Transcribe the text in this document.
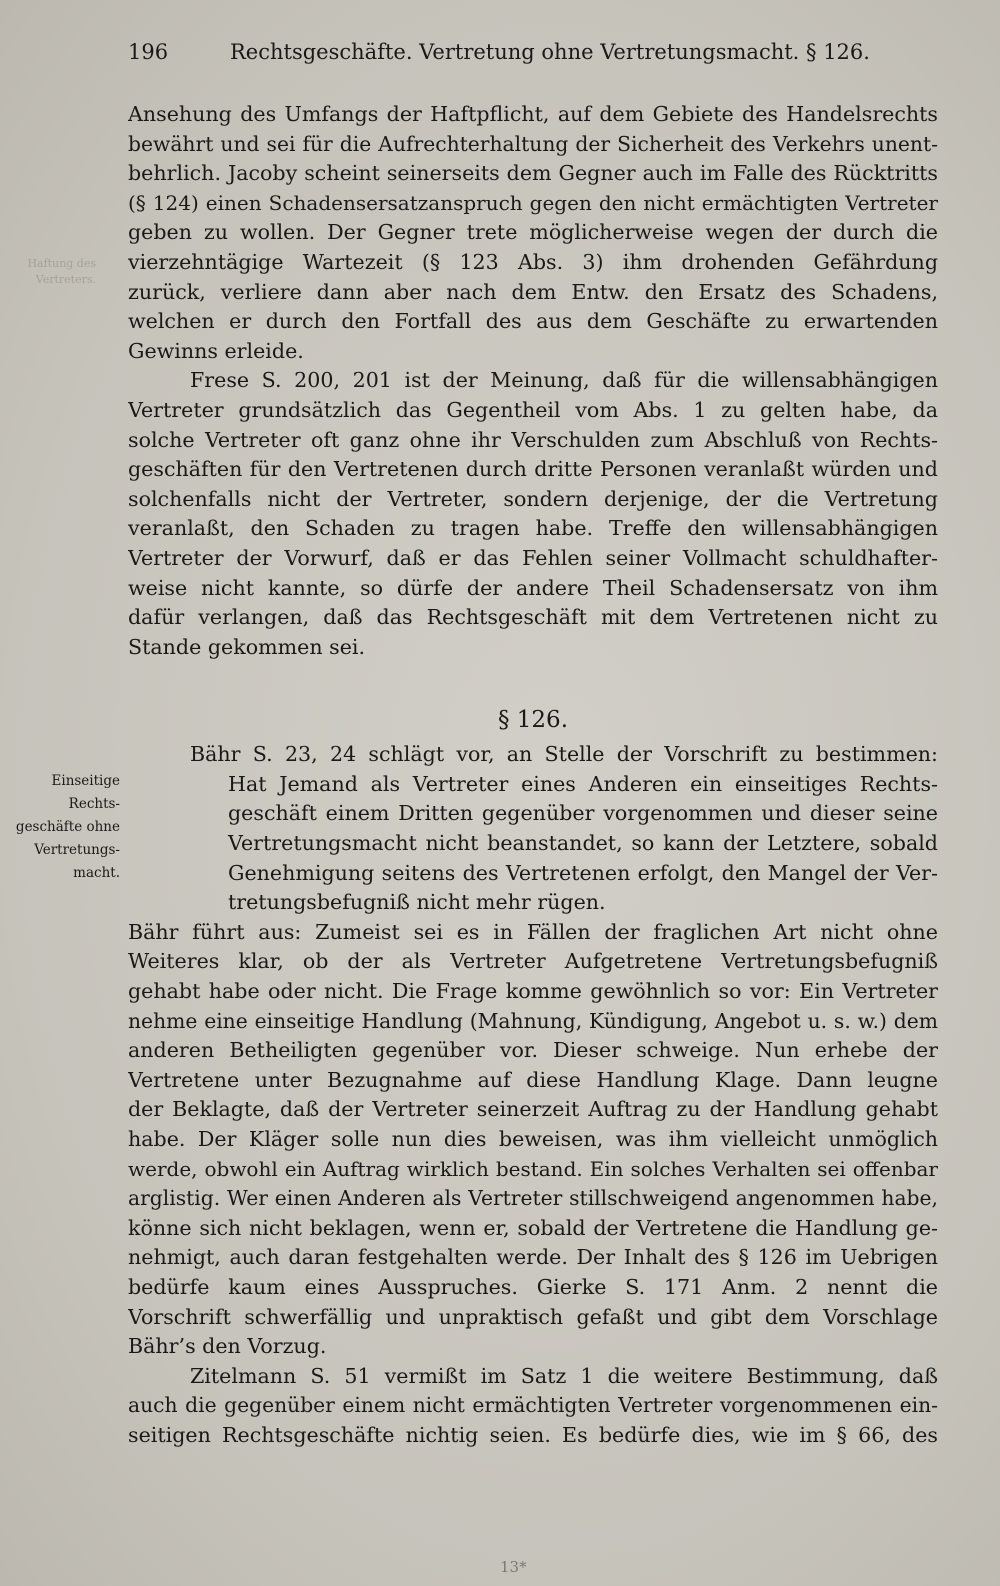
196	Rechtsgeschäfte. Vertretung ohne Vertretungsmacht. § 126.

Haftung des
Vertreters.
Einseitige
Rechts-
geschäfte ohne
Vertretungs-
macht.
Ansehung des Umfangs der Haftpflicht, auf dem Gebiete des Handelsrechts
bewährt und sei für die Aufrechterhaltung der Sicherheit des Verkehrs unent-
behrlich. Jacoby scheint seinerseits dem Gegner auch im Falle des Rücktritts
(§ 124) einen Schadensersatzanspruch gegen den nicht ermächtigten Vertreter
geben zu wollen. Der Gegner trete möglicherweise wegen der durch die
vierzehntägige Wartezeit (§ 123 Abs. 3) ihm drohenden Gefährdung
zurück, verliere dann aber nach dem Entw. den Ersatz des Schadens,
welchen er durch den Fortfall des aus dem Geschäfte zu erwartenden
Gewinns erleide.
Frese S. 200, 201 ist der Meinung, daß für die willensabhängigen
Vertreter grundsätzlich das Gegentheil vom Abs. 1 zu gelten habe, da
solche Vertreter oft ganz ohne ihr Verschulden zum Abschluß von Rechts-
geschäften für den Vertretenen durch dritte Personen veranlaßt würden und
solchenfalls nicht der Vertreter, sondern derjenige, der die Vertretung
veranlaßt, den Schaden zu tragen habe. Treffe den willensabhängigen
Vertreter der Vorwurf, daß er das Fehlen seiner Vollmacht schuldhafter-
weise nicht kannte, so dürfe der andere Theil Schadensersatz von ihm
dafür verlangen, daß das Rechtsgeschäft mit dem Vertretenen nicht zu
Stande gekommen sei.
§ 126.
Bähr S. 23, 24 schlägt vor, an Stelle der Vorschrift zu bestimmen:
Hat Jemand als Vertreter eines Anderen ein einseitiges Rechts-
geschäft einem Dritten gegenüber vorgenommen und dieser seine
Vertretungsmacht nicht beanstandet, so kann der Letztere, sobald
Genehmigung seitens des Vertretenen erfolgt, den Mangel der Ver-
tretungsbefugniß nicht mehr rügen.
Bähr führt aus: Zumeist sei es in Fällen der fraglichen Art nicht ohne
Weiteres klar, ob der als Vertreter Aufgetretene Vertretungsbefugniß
gehabt habe oder nicht. Die Frage komme gewöhnlich so vor: Ein Vertreter
nehme eine einseitige Handlung (Mahnung, Kündigung, Angebot u. s. w.) dem
anderen Betheiligten gegenüber vor. Dieser schweige. Nun erhebe der
Vertretene unter Bezugnahme auf diese Handlung Klage. Dann leugne
der Beklagte, daß der Vertreter seinerzeit Auftrag zu der Handlung gehabt
habe. Der Kläger solle nun dies beweisen, was ihm vielleicht unmöglich
werde, obwohl ein Auftrag wirklich bestand. Ein solches Verhalten sei offenbar
arglistig. Wer einen Anderen als Vertreter stillschweigend angenommen habe,
könne sich nicht beklagen, wenn er, sobald der Vertretene die Handlung ge-
nehmigt, auch daran festgehalten werde. Der Inhalt des § 126 im Uebrigen
bedürfe kaum eines Ausspruches. Gierke S. 171 Anm. 2 nennt die
Vorschrift schwerfällig und unpraktisch gefaßt und gibt dem Vorschlage
Bähr’s den Vorzug.
Zitelmann S. 51 vermißt im Satz 1 die weitere Bestimmung, daß
auch die gegenüber einem nicht ermächtigten Vertreter vorgenommenen ein-
seitigen Rechtsgeschäfte nichtig seien. Es bedürfe dies, wie im § 66, des
13*
